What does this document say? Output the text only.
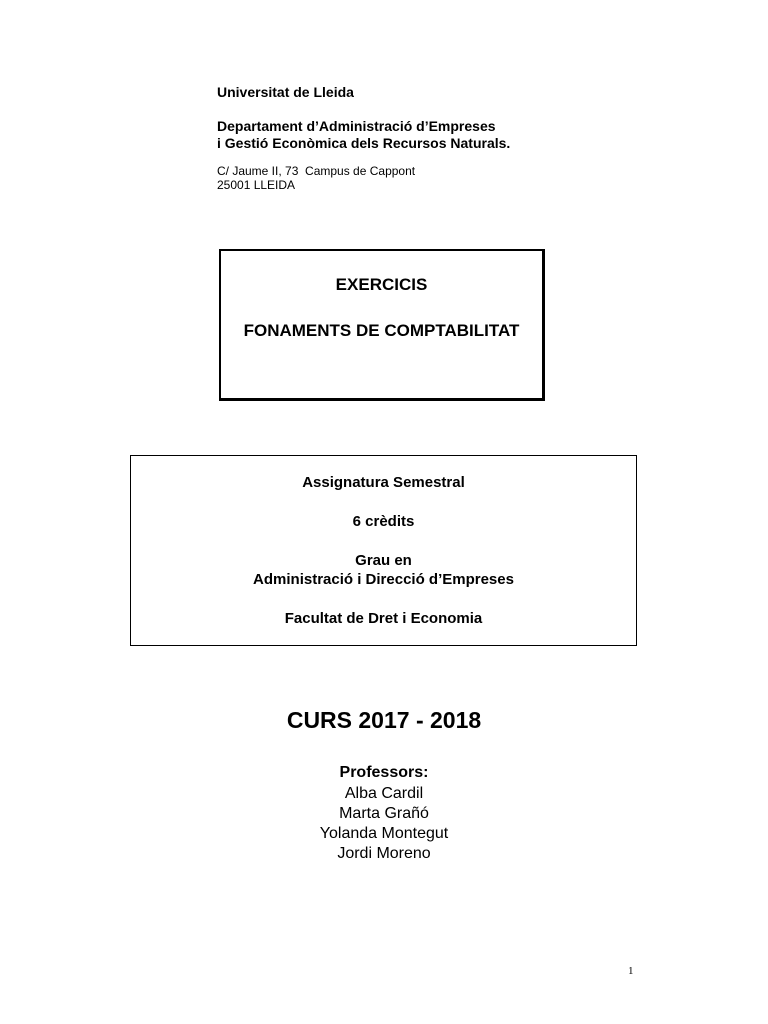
Universitat de Lleida

Departament d’Administració d’Empreses
i Gestió Econòmica dels Recursos Naturals.

C/ Jaume II, 73  Campus de Cappont
25001 LLEIDA

EXERCICIS
FONAMENTS DE COMPTABILITAT
Assignatura Semestral
6 crèdits
Grau en
Administració i Direcció d’Empreses
Facultat de Dret i Economia
CURS 2017 - 2018
Professors:
Alba Cardil
Marta Grañó
Yolanda Montegut
Jordi Moreno
1
